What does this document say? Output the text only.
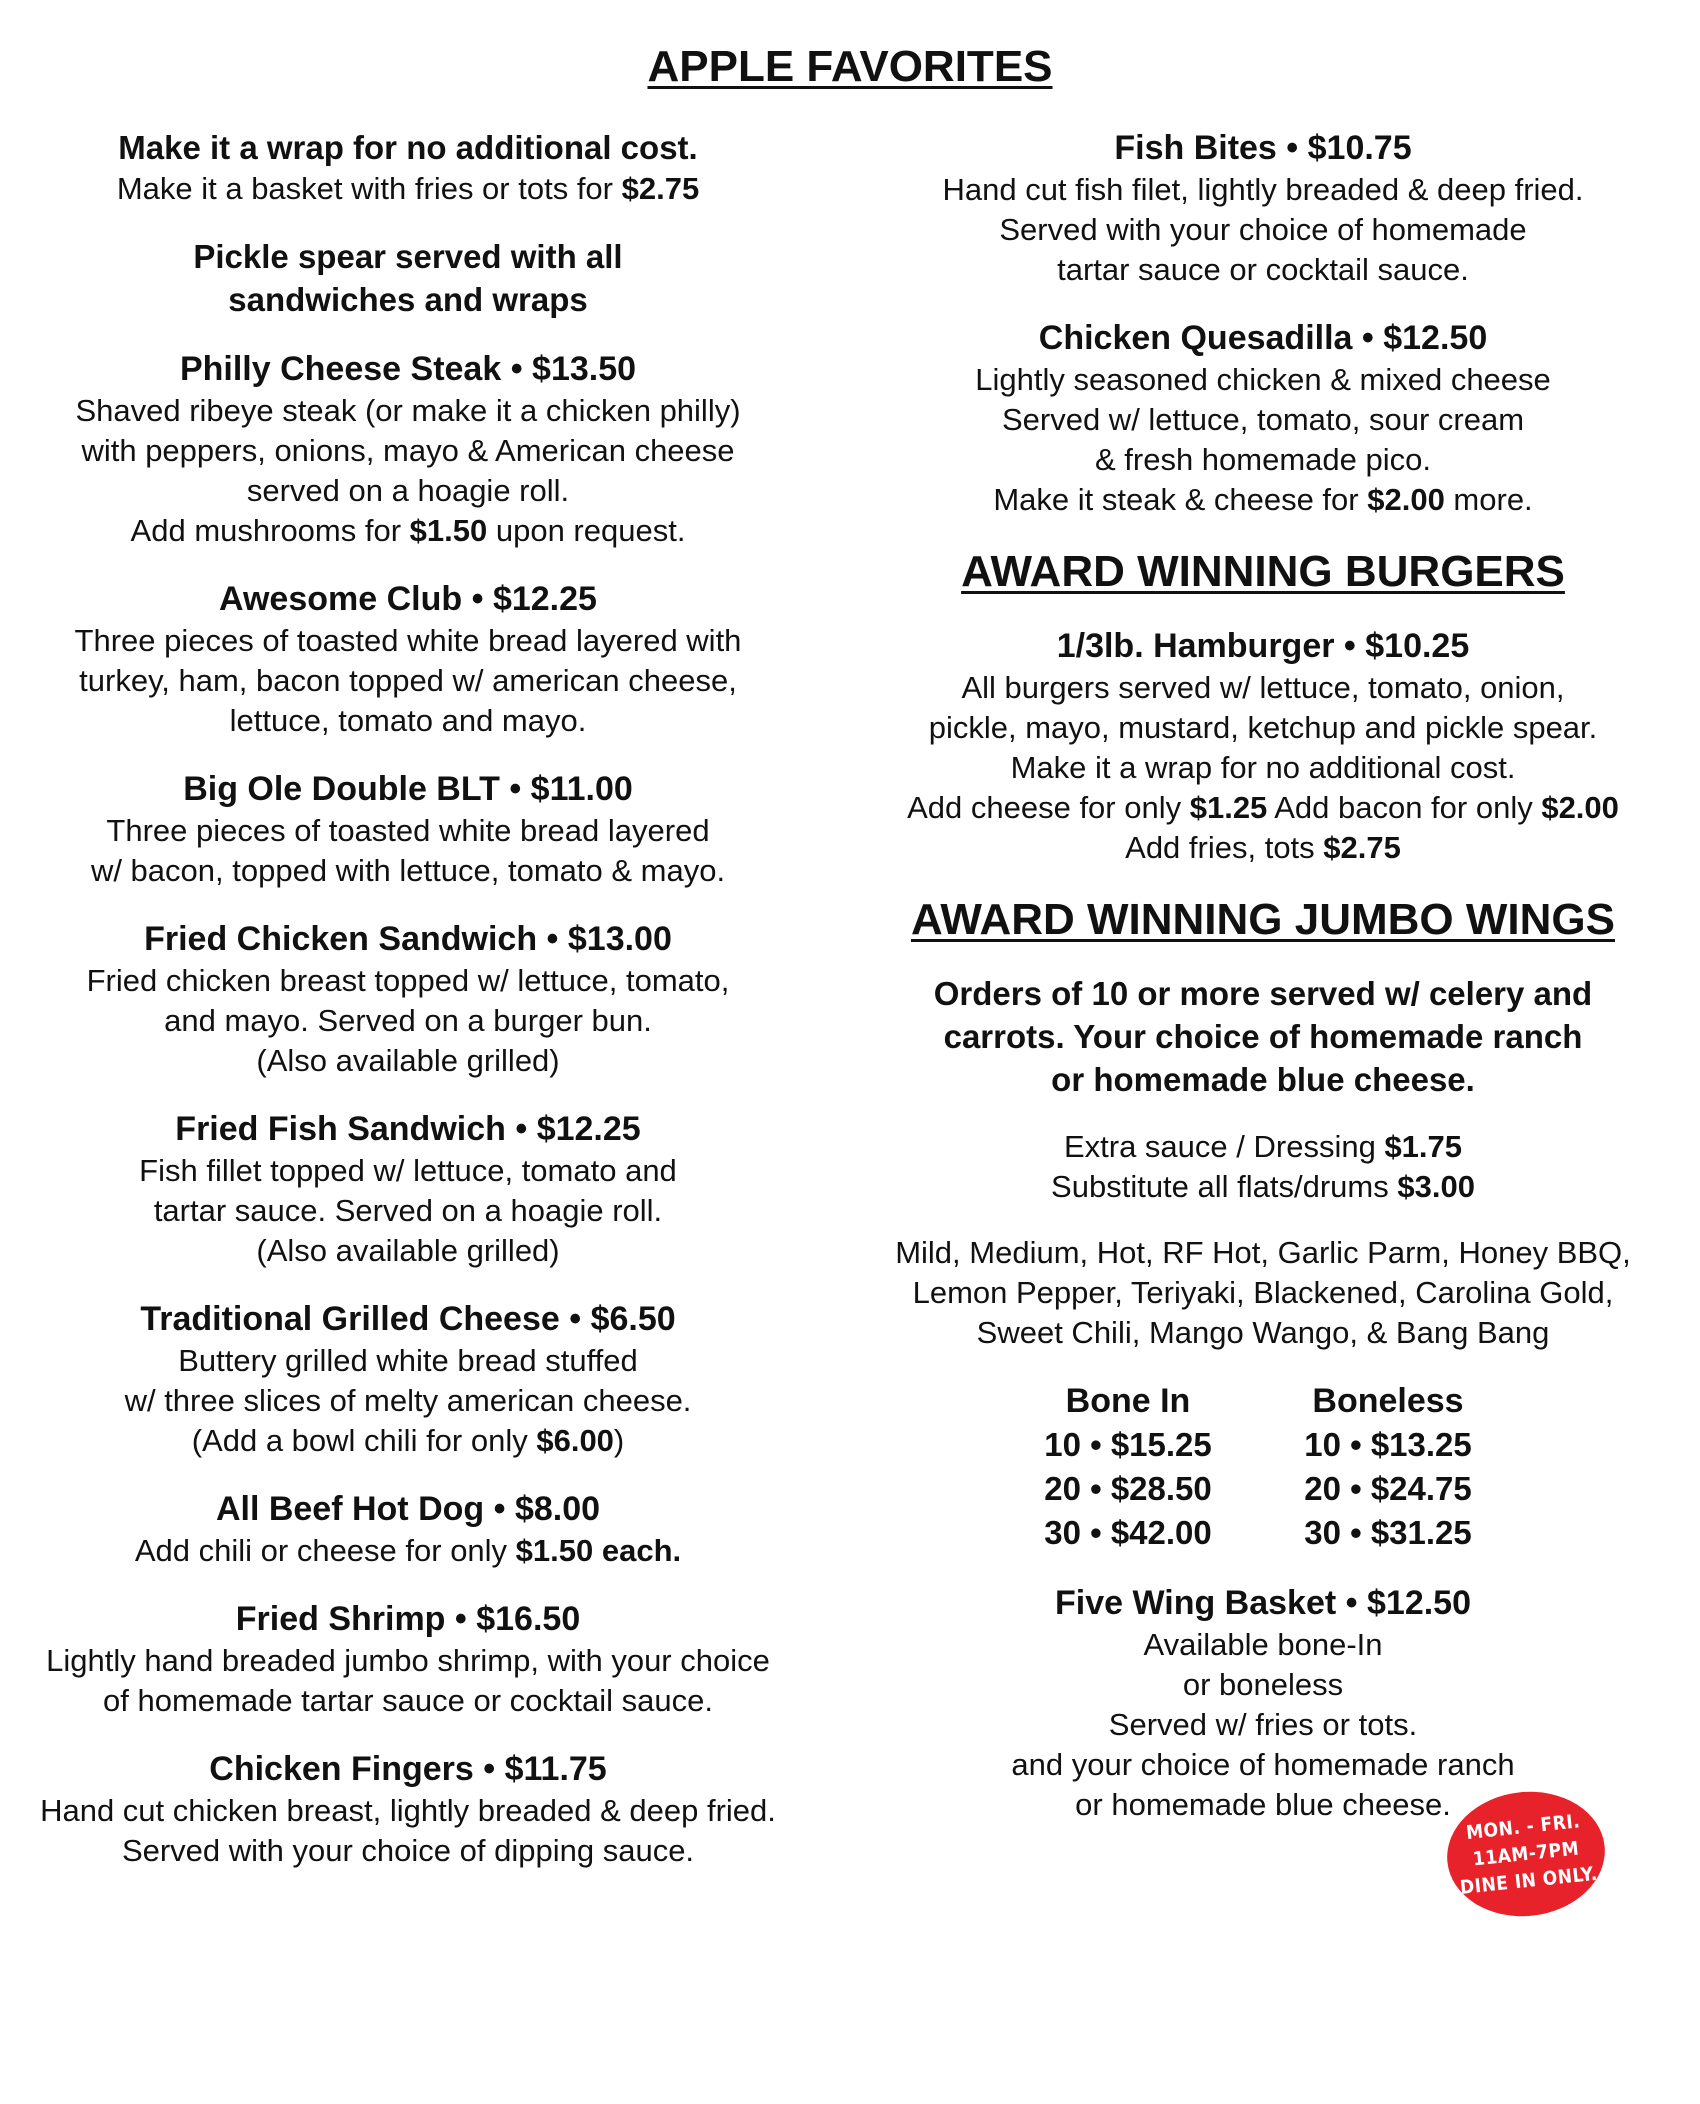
APPLE FAVORITES

Make it a wrap for no additional cost.

Make it a basket with fries or tots for $2.75

Pickle spear served with all

sandwiches and wraps

Philly Cheese Steak • $13.50

Shaved ribeye steak (or make it a chicken philly)

with peppers, onions, mayo & American cheese

served on a hoagie roll.

Add mushrooms for $1.50 upon request.

Awesome Club • $12.25

Three pieces of toasted white bread layered with

turkey, ham, bacon topped w/ american cheese,

lettuce, tomato and mayo.

Big Ole Double BLT • $11.00

Three pieces of toasted white bread layered

w/ bacon, topped with lettuce, tomato & mayo.

Fried Chicken Sandwich • $13.00

Fried chicken breast topped w/ lettuce, tomato,

and mayo. Served on a burger bun.

(Also available grilled)

Fried Fish Sandwich • $12.25

Fish fillet topped w/ lettuce, tomato and

tartar sauce. Served on a hoagie roll.

(Also available grilled)

Traditional Grilled Cheese • $6.50

Buttery grilled white bread stuffed

w/ three slices of melty american cheese.

(Add a bowl chili for only $6.00)

All Beef Hot Dog • $8.00

Add chili or cheese for only $1.50 each.

Fried Shrimp • $16.50

Lightly hand breaded jumbo shrimp, with your choice

of homemade tartar sauce or cocktail sauce.

Chicken Fingers • $11.75

Hand cut chicken breast, lightly breaded & deep fried.

Served with your choice of dipping sauce.

Fish Bites • $10.75

Hand cut fish filet, lightly breaded & deep fried.

Served with your choice of homemade

tartar sauce or cocktail sauce.

Chicken Quesadilla • $12.50

Lightly seasoned chicken & mixed cheese

Served w/ lettuce, tomato, sour cream

& fresh homemade pico.

Make it steak & cheese for $2.00 more.

AWARD WINNING BURGERS

1/3lb. Hamburger • $10.25

All burgers served w/ lettuce, tomato, onion,

pickle, mayo, mustard, ketchup and pickle spear.

Make it a wrap for no additional cost.

Add cheese for only $1.25 Add bacon for only $2.00

Add fries, tots $2.75

AWARD WINNING JUMBO WINGS

Orders of 10 or more served w/ celery and

carrots. Your choice of homemade ranch

or homemade blue cheese.

Extra sauce / Dressing $1.75

Substitute all flats/drums $3.00

Mild, Medium, Hot, RF Hot, Garlic Parm, Honey BBQ,

Lemon Pepper, Teriyaki, Blackened, Carolina Gold,

Sweet Chili, Mango Wango, & Bang Bang

Bone In	Boneless
10 • $15.25	10 • $13.25
20 • $28.50	20 • $24.75
30 • $42.00	30 • $31.25

Five Wing Basket • $12.50

Available bone-In

or boneless

Served w/ fries or tots.

and your choice of homemade ranch

or homemade blue cheese.

MON. - FRI.
11AM-7PM
DINE IN ONLY.
